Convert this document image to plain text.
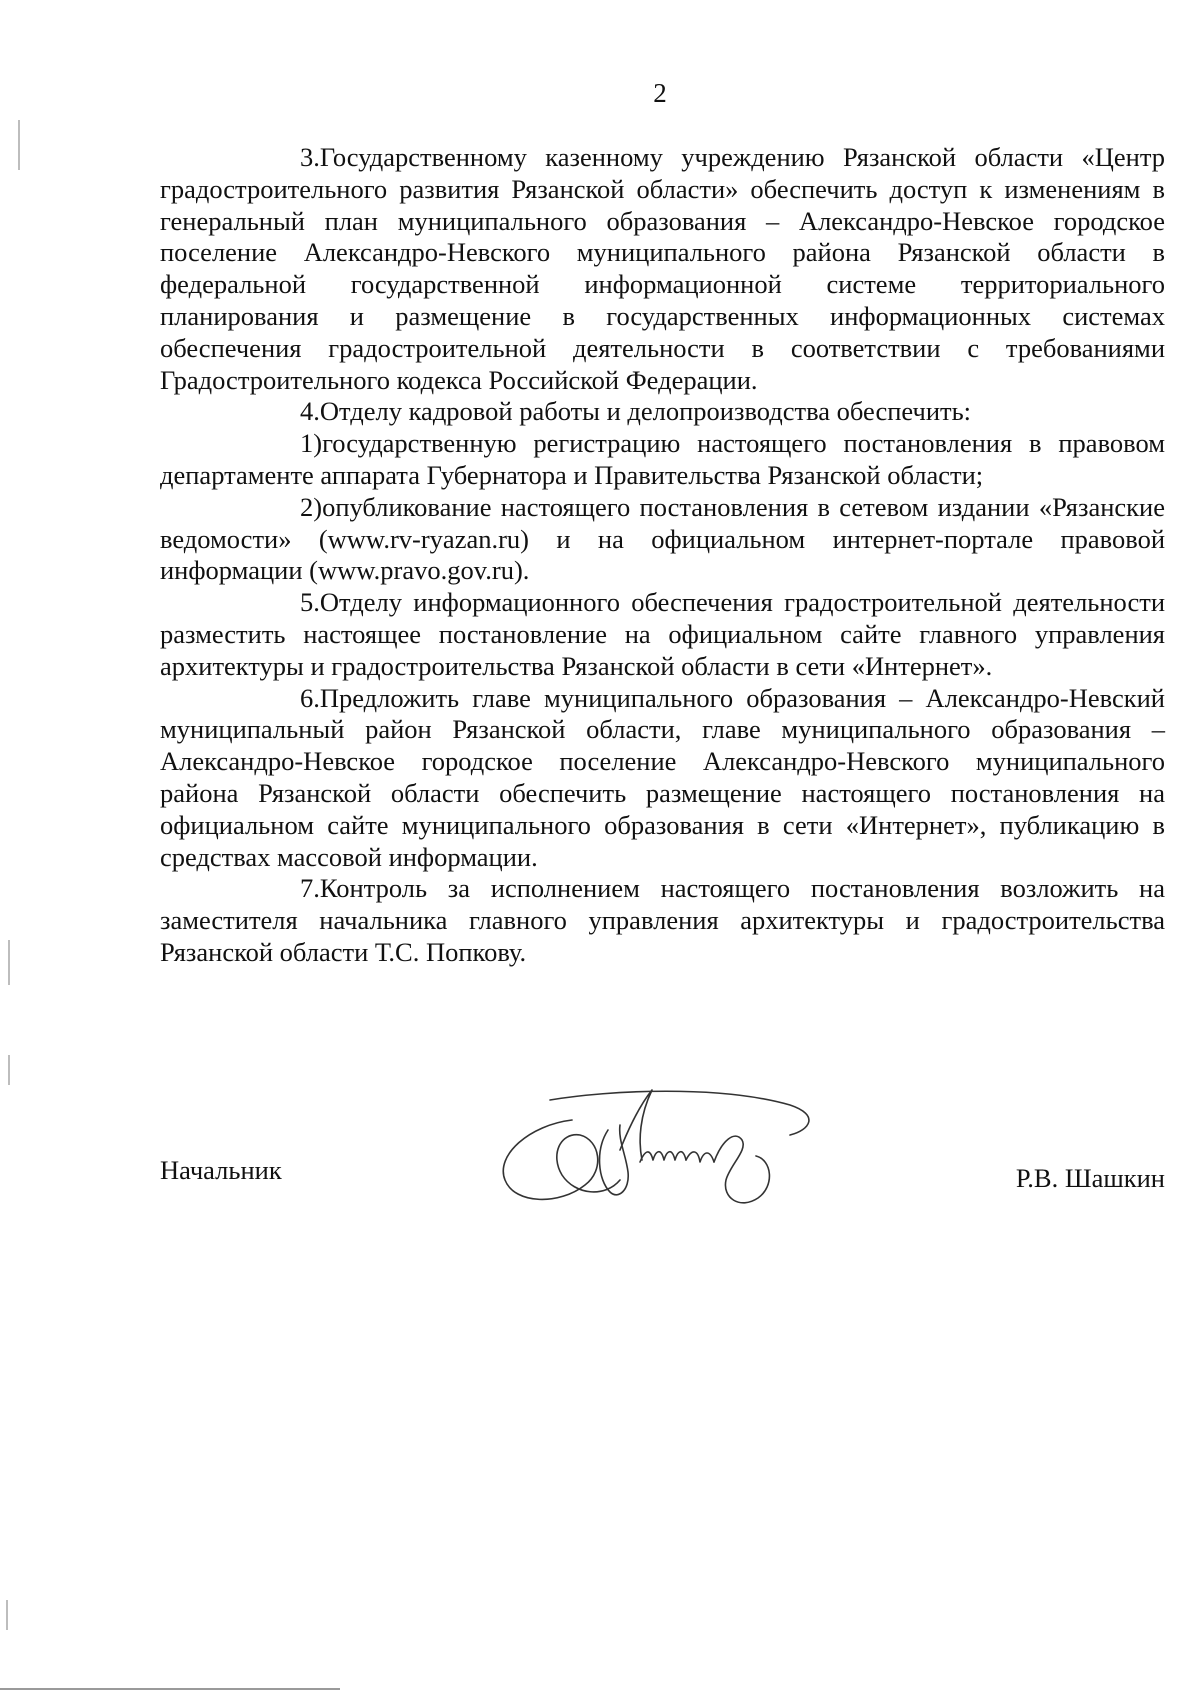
2

3.Государственному казенному учреждению Рязанской области «Центр градостроительного развития Рязанской области» обеспечить доступ к изменениям в генеральный план муниципального образования – Александро-Невское городское поселение Александро-Невского муниципального района Рязанской области в федеральной государственной информационной системе территориального планирования и размещение в государственных информационных системах обеспечения градостроительной деятельности в соответствии с требованиями Градостроительного кодекса Российской Федерации.

4.Отделу кадровой работы и делопроизводства обеспечить:

1)государственную регистрацию настоящего постановления в правовом департаменте аппарата Губернатора и Правительства Рязанской области;

2)опубликование настоящего постановления в сетевом издании «Рязанские ведомости» (www.rv-ryazan.ru) и на официальном интернет-портале правовой информации (www.pravo.gov.ru).

5.Отделу информационного обеспечения градостроительной деятельности разместить настоящее постановление на официальном сайте главного управления архитектуры и градостроительства Рязанской области в сети «Интернет».

6.Предложить главе муниципального образования – Александро-Невский муниципальный район Рязанской области, главе муниципального образования – Александро-Невское городское поселение Александро-Невского муниципального района Рязанской области обеспечить размещение настоящего постановления на официальном сайте муниципального образования в сети «Интернет», публикацию в средствах массовой информации.

7.Контроль за исполнением настоящего постановления возложить на заместителя начальника главного управления архитектуры и градостроительства Рязанской области Т.С. Попкову.

Начальник	Р.В. Шашкин
